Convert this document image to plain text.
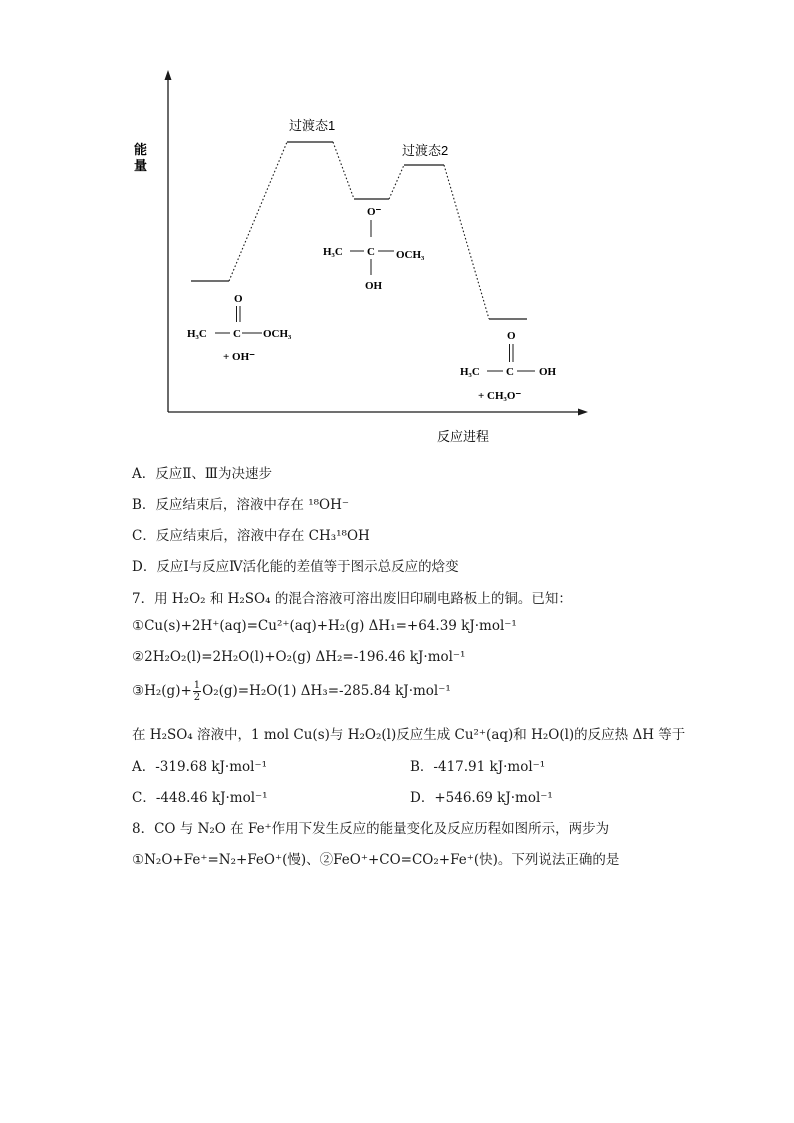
能
量
反应进程
过渡态1
过渡态2
O
H₃C C OCH₃
+ OH⁻
O⁻
H₃C C OCH₃
OH
O
H₃C C OH
+ CH₃O⁻
A．反应Ⅱ、Ⅲ为决速步
B．反应结束后，溶液中存在 ¹⁸OH⁻
C．反应结束后，溶液中存在 CH₃¹⁸OH
D．反应Ⅰ与反应Ⅳ活化能的差值等于图示总反应的焓变
7．用 H₂O₂ 和 H₂SO₄ 的混合溶液可溶出废旧印刷电路板上的铜。已知：
①Cu(s)+2H⁺(aq)=Cu²⁺(aq)+H₂(g) ΔH₁=+64.39 kJ·mol⁻¹
②2H₂O₂(l)=2H₂O(l)+O₂(g) ΔH₂=-196.46 kJ·mol⁻¹
③H₂(g)+ $\frac{1}{2} O_2(g)=H_2O(1)$ ΔH₃=-285.84 kJ·mol⁻¹
在 H₂SO₄ 溶液中，1 mol Cu(s)与 H₂O₂(l)反应生成 Cu²⁺(aq)和 H₂O(l)的反应热 ΔH 等于
A．-319.68 kJ·mol⁻¹	B．-417.91 kJ·mol⁻¹
C．-448.46 kJ·mol⁻¹	D．+546.69 kJ·mol⁻¹
8．CO 与 N₂O 在 Fe⁺作用下发生反应的能量变化及反应历程如图所示，两步为
①N₂O+Fe⁺=N₂+FeO⁺(慢)、②FeO⁺+CO=CO₂+Fe⁺(快)。下列说法正确的是
